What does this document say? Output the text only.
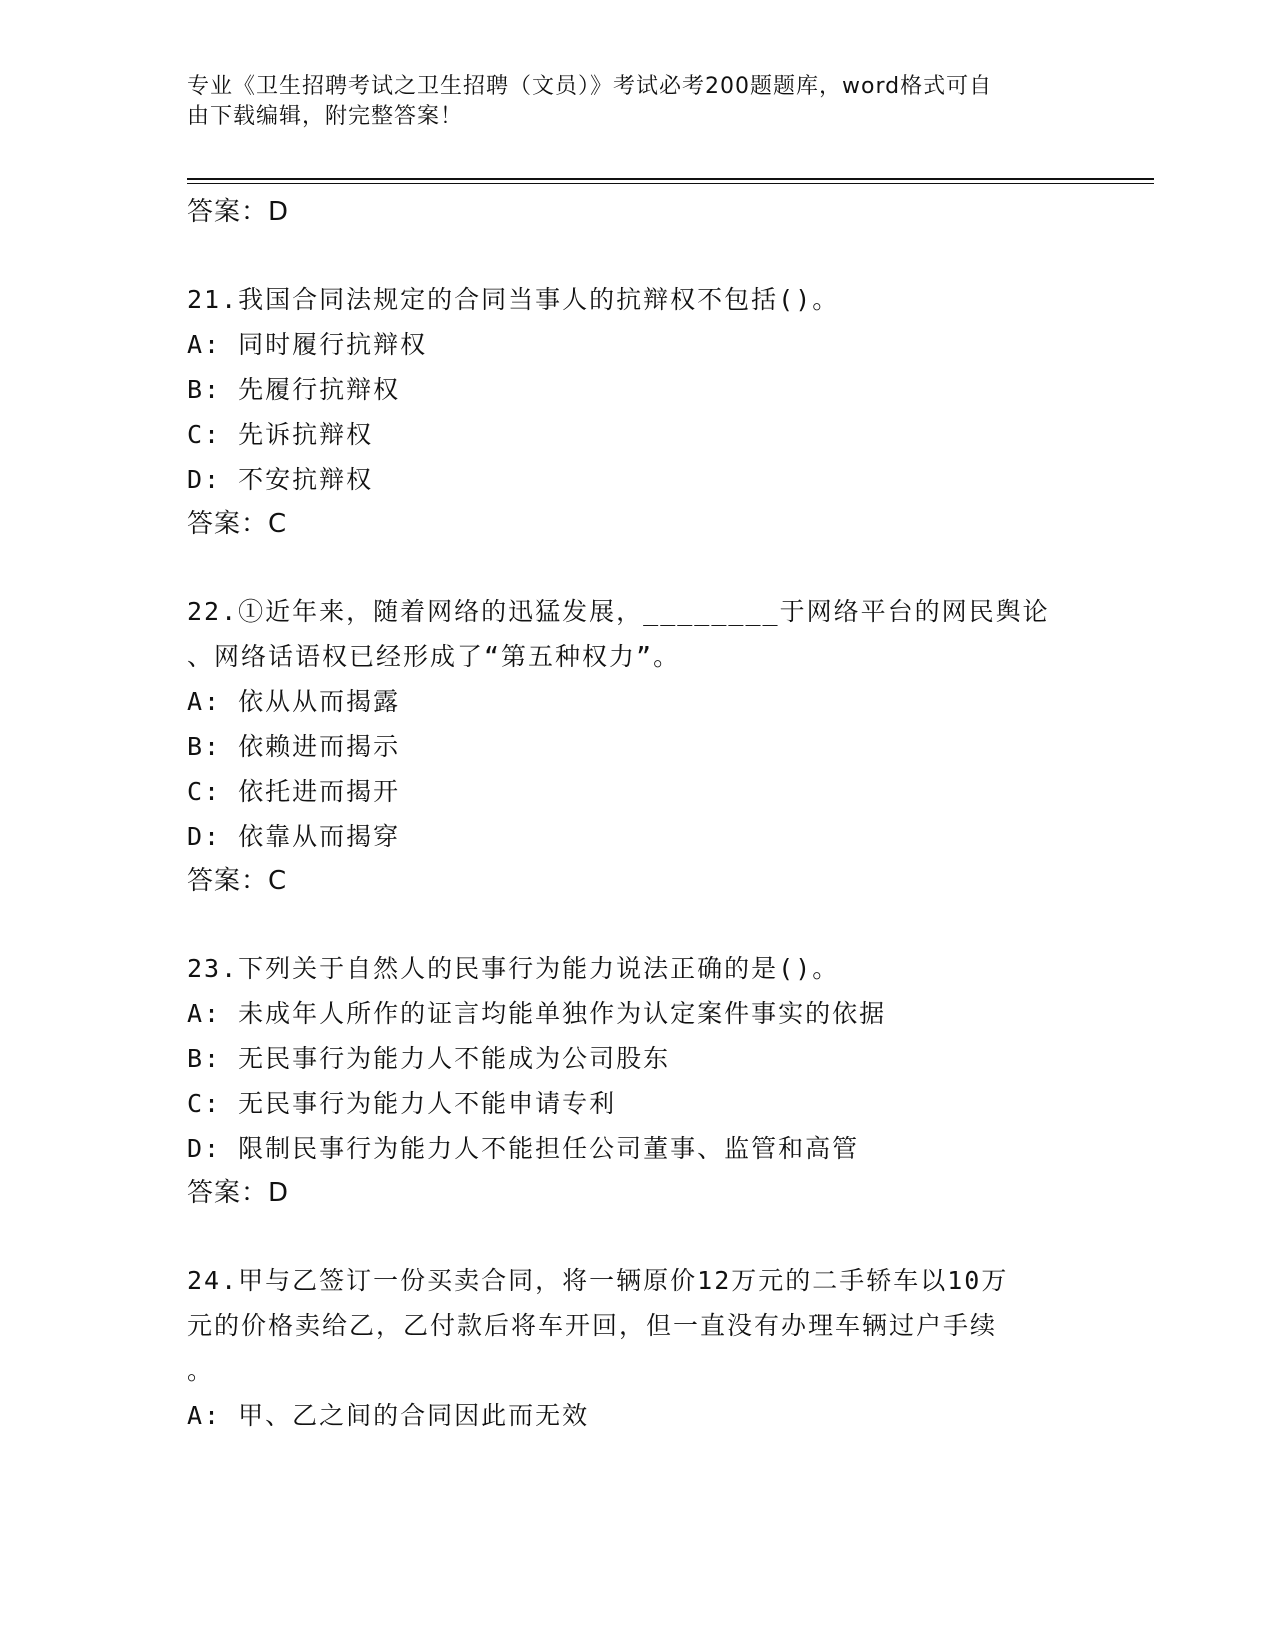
专业《卫生招聘考试之卫生招聘（文员）》考试必考200题题库，word格式可自
由下载编辑，附完整答案！
答案：D
21.我国合同法规定的合同当事人的抗辩权不包括()。
A: 同时履行抗辩权
B: 先履行抗辩权
C: 先诉抗辩权
D: 不安抗辩权
答案：C
22.①近年来，随着网络的迅猛发展，________于网络平台的网民舆论
、网络话语权已经形成了“第五种权力”。
A: 依从从而揭露
B: 依赖进而揭示
C: 依托进而揭开
D: 依靠从而揭穿
答案：C
23.下列关于自然人的民事行为能力说法正确的是()。
A: 未成年人所作的证言均能单独作为认定案件事实的依据
B: 无民事行为能力人不能成为公司股东
C: 无民事行为能力人不能申请专利
D: 限制民事行为能力人不能担任公司董事、监管和高管
答案：D
24.甲与乙签订一份买卖合同，将一辆原价12万元的二手轿车以10万
元的价格卖给乙，乙付款后将车开回，但一直没有办理车辆过户手续
。
A: 甲、乙之间的合同因此而无效
